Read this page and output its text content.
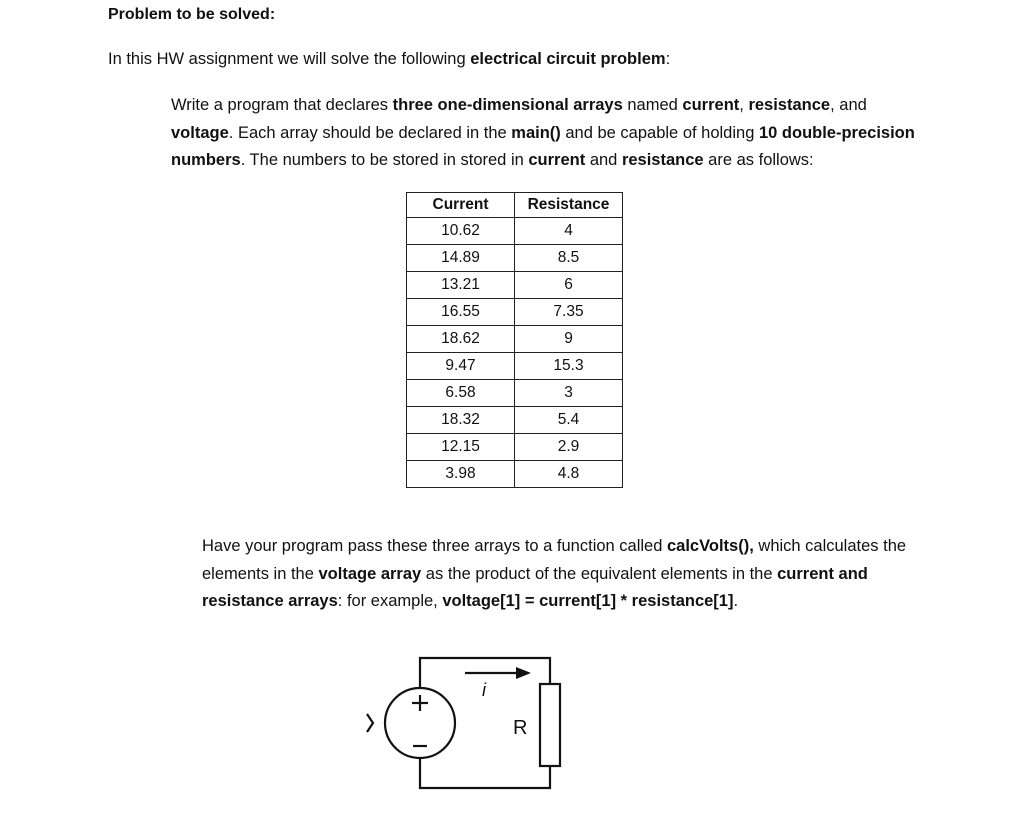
Problem to be solved:
In this HW assignment we will solve the following electrical circuit problem:
Write a program that declares three one-dimensional arrays named current, resistance, and voltage. Each array should be declared in the main() and be capable of holding 10 double-precision numbers. The numbers to be stored in stored in current and resistance are as follows:
Current	Resistance
10.62	4
14.89	8.5
13.21	6
16.55	7.35
18.62	9
9.47	15.3
6.58	3
18.32	5.4
12.15	2.9
3.98	4.8
Have your program pass these three arrays to a function called calcVolts(), which calculates the elements in the voltage array as the product of the equivalent elements in the current and resistance arrays: for example, voltage[1] = current[1] * resistance[1].
i
R
